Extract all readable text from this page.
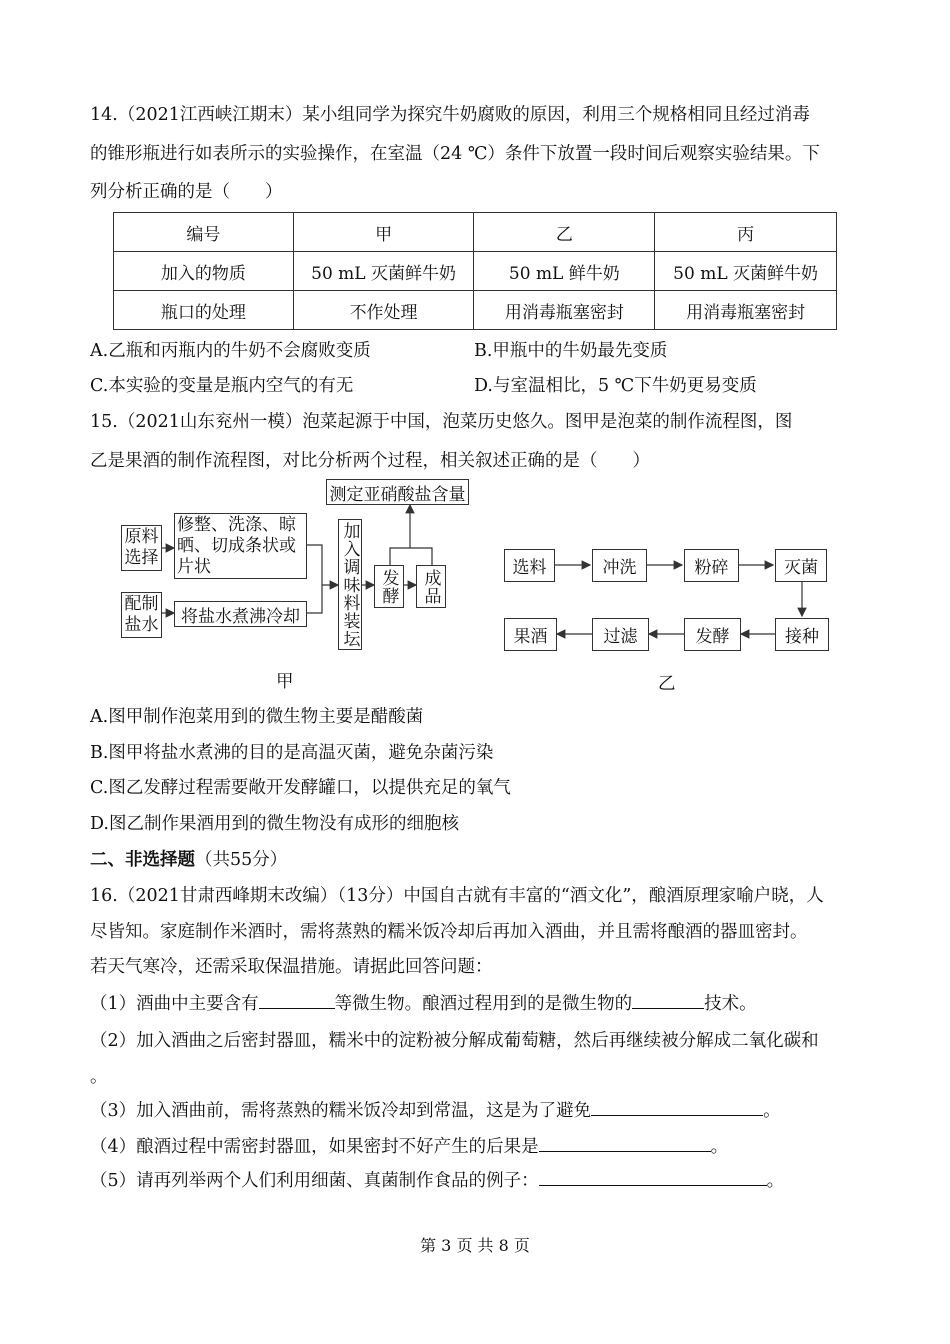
14.（2021江西峡江期末）某小组同学为探究牛奶腐败的原因，利用三个规格相同且经过消毒
的锥形瓶进行如表所示的实验操作，在室温（24 ℃）条件下放置一段时间后观察实验结果。下
列分析正确的是（　　）
编号	甲	乙	丙
加入的物质	50 mL 灭菌鲜牛奶	50 mL 鲜牛奶	50 mL 灭菌鲜牛奶
瓶口的处理	不作处理	用消毒瓶塞密封	用消毒瓶塞密封
A.乙瓶和丙瓶内的牛奶不会腐败变质	B.甲瓶中的牛奶最先变质
C.本实验的变量是瓶内空气的有无	D.与室温相比，5 ℃下牛奶更易变质
15.（2021山东兖州一模）泡菜起源于中国，泡菜历史悠久。图甲是泡菜的制作流程图，图
乙是果酒的制作流程图，对比分析两个过程，相关叙述正确的是（　　）
原料选择
修整、洗涤、晾晒、切成条状或片状
配制盐水 将盐水煮沸冷却 加入调味料装坛 发酵 成品
测定亚硝酸盐含量
甲
选料	冲洗	粉碎	灭菌
果酒	过滤	发酵	接种
乙
A.图甲制作泡菜用到的微生物主要是醋酸菌
B.图甲将盐水煮沸的目的是高温灭菌，避免杂菌污染
C.图乙发酵过程需要敞开发酵罐口，以提供充足的氧气
D.图乙制作果酒用到的微生物没有成形的细胞核
二、非选择题（共55分）
16.（2021甘肃西峰期末改编）（13分）中国自古就有丰富的“酒文化”，酿酒原理家喻户晓，人
尽皆知。家庭制作米酒时，需将蒸熟的糯米饭冷却后再加入酒曲，并且需将酿酒的器皿密封。
若天气寒冷，还需采取保温措施。请据此回答问题：
（1）酒曲中主要含有	等微生物。酿酒过程用到的是微生物的	技术。
（2）加入酒曲之后密封器皿，糯米中的淀粉被分解成葡萄糖，然后再继续被分解成二氧化碳和
。
（3）加入酒曲前，需将蒸熟的糯米饭冷却到常温，这是为了避免	。
（4）酿酒过程中需密封器皿，如果密封不好产生的后果是	。
（5）请再列举两个人们利用细菌、真菌制作食品的例子：	。
第 3 页 共 8 页
